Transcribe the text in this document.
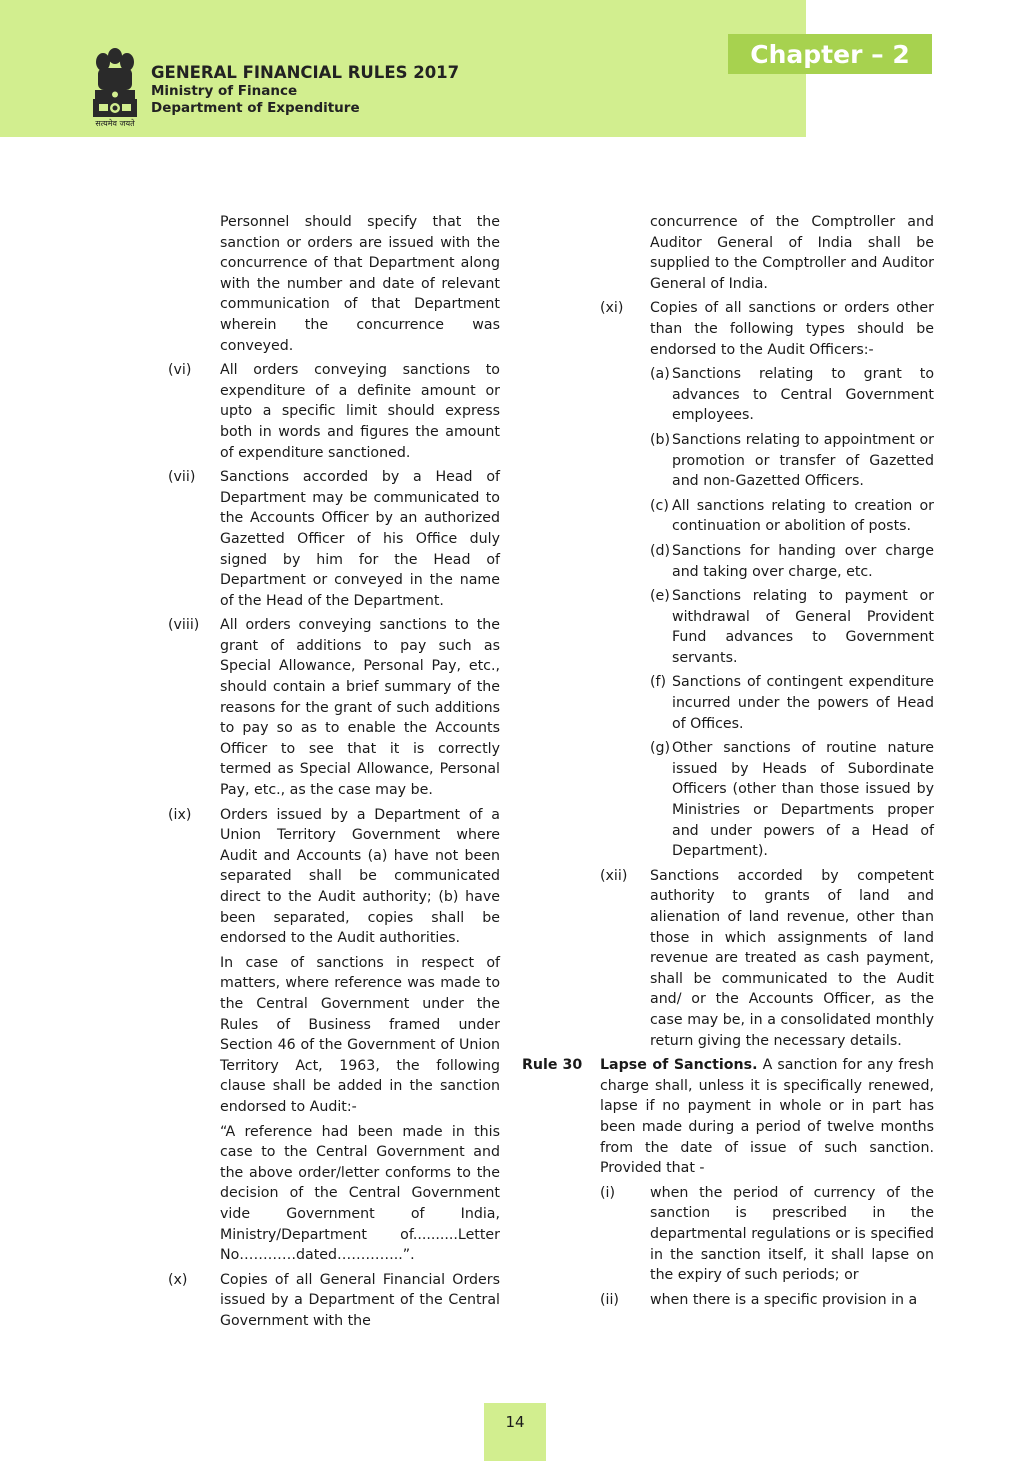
Chapter – 2
सत्यमेव जयते
GENERAL FINANCIAL RULES 2017
Ministry of Finance
Department of Expenditure
Personnel should specify that the sanction or orders are issued with the concurrence of that Department along with the number and date of relevant communication of that Department wherein the concurrence was conveyed.
(vi) All orders conveying sanctions to expenditure of a definite amount or upto a specific limit should express both in words and figures the amount of expenditure sanctioned.
(vii) Sanctions accorded by a Head of Department may be communicated to the Accounts Officer by an authorized Gazetted Officer of his Office duly signed by him for the Head of Department or conveyed in the name of the Head of the Department.
(viii) All orders conveying sanctions to the grant of additions to pay such as Special Allowance, Personal Pay, etc., should contain a brief summary of the reasons for the grant of such additions to pay so as to enable the Accounts Officer to see that it is correctly termed as Special Allowance, Personal Pay, etc., as the case may be.
(ix) Orders issued by a Department of a Union Territory Government where Audit and Accounts (a) have not been separated shall be communicated direct to the Audit authority; (b) have been separated, copies shall be endorsed to the Audit authorities.
In case of sanctions in respect of matters, where reference was made to the Central Government under the Rules of Business framed under Section 46 of the Government of Union Territory Act, 1963, the following clause shall be added in the sanction endorsed to Audit:-
“A reference had been made in this case to the Central Government and the above order/letter conforms to the decision of the Central Government vide Government of India, Ministry/Department of..........Letter No…………dated…………..”.
(x) Copies of all General Financial Orders issued by a Department of the Central Government with the
concurrence of the Comptroller and Auditor General of India shall be supplied to the Comptroller and Auditor General of India.
(xi) Copies of all sanctions or orders other than the following types should be endorsed to the Audit Officers:-
(a) Sanctions relating to grant to advances to Central Government employees.
(b) Sanctions relating to appointment or promotion or transfer of Gazetted and non-Gazetted Officers.
(c) All sanctions relating to creation or continuation or abolition of posts.
(d) Sanctions for handing over charge and taking over charge, etc.
(e) Sanctions relating to payment or withdrawal of General Provident Fund advances to Government servants.
(f) Sanctions of contingent expenditure incurred under the powers of Head of Offices.
(g) Other sanctions of routine nature issued by Heads of Subordinate Officers (other than those issued by Ministries or Departments proper and under powers of a Head of Department).
(xii) Sanctions accorded by competent authority to grants of land and alienation of land revenue, other than those in which assignments of land revenue are treated as cash payment, shall be communicated to the Audit and/ or the Accounts Officer, as the case may be, in a consolidated monthly return giving the necessary details.
Rule 30 Lapse of Sanctions. A sanction for any fresh charge shall, unless it is specifically renewed, lapse if no payment in whole or in part has been made during a period of twelve months from the date of issue of such sanction. Provided that -
(i) when the period of currency of the sanction is prescribed in the departmental regulations or is specified in the sanction itself, it shall lapse on the expiry of such periods; or
(ii) when there is a specific provision in a
14
